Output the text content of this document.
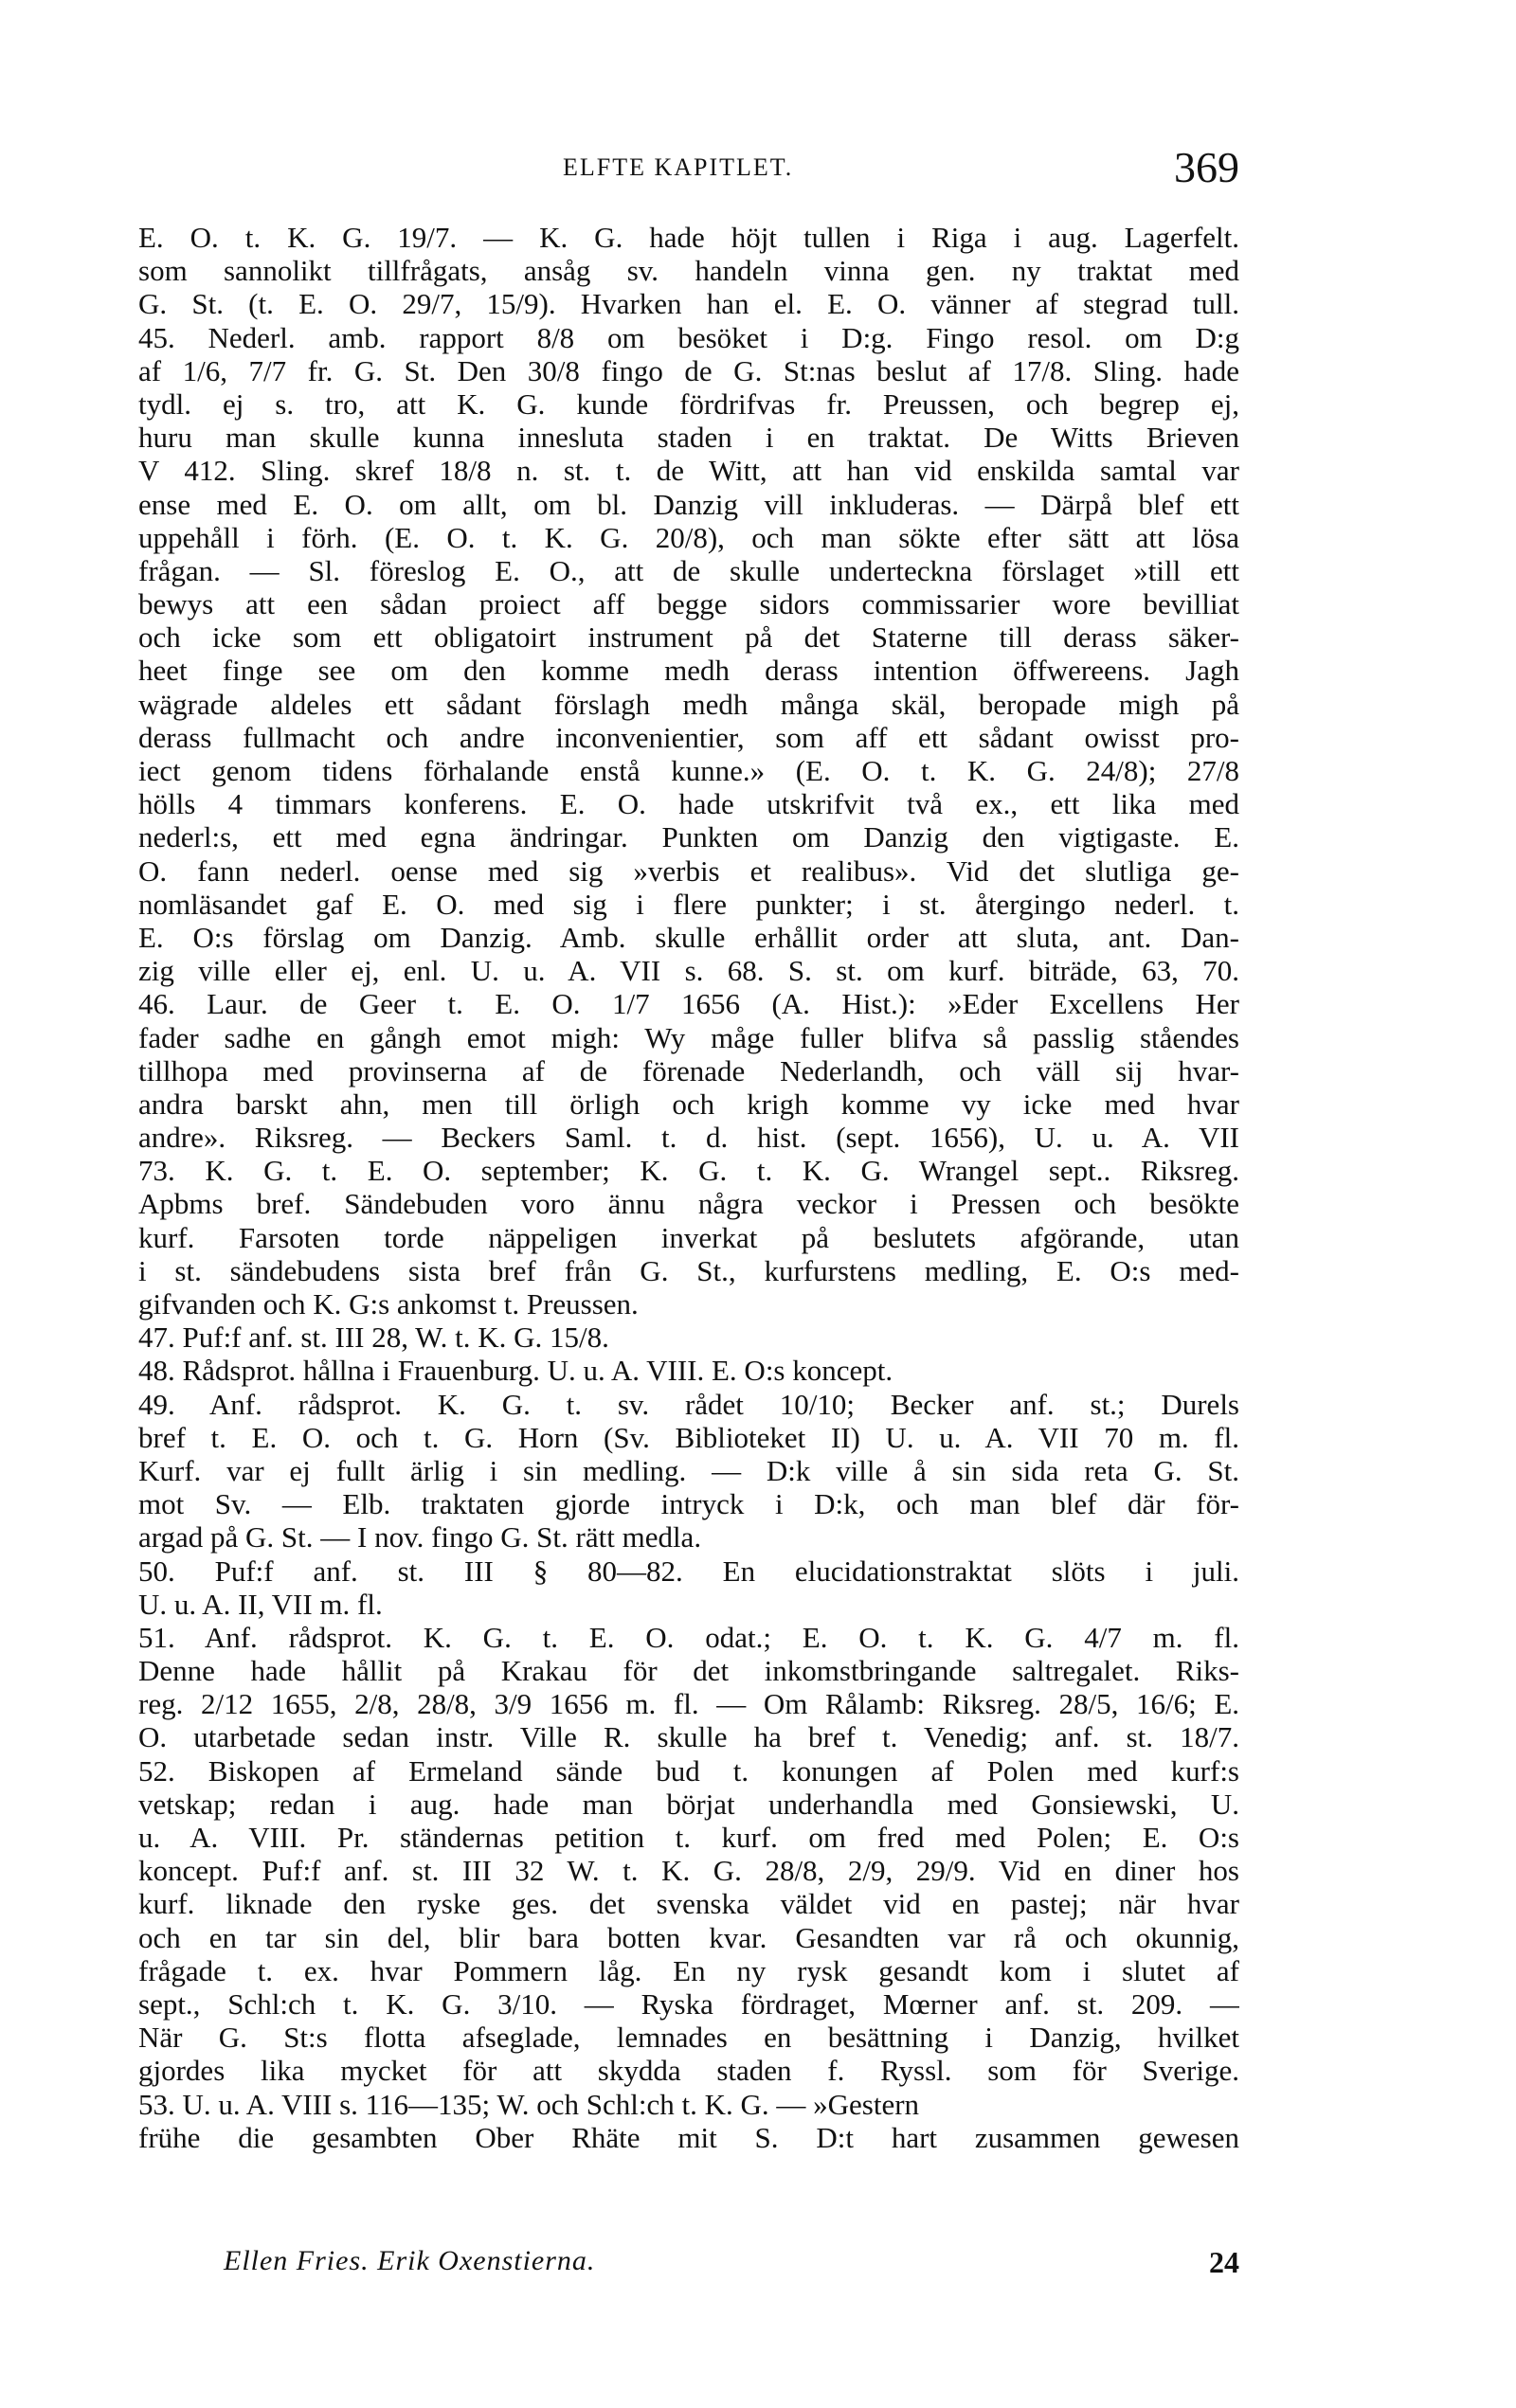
ELFTE KAPITLET.	369
E. O. t. K. G. 19/7. — K. G. hade höjt tullen i Riga i aug. Lagerfelt.
som sannolikt tillfrågats, ansåg sv. handeln vinna gen. ny traktat med
G. St. (t. E. O. 29/7, 15/9). Hvarken han el. E. O. vänner af stegrad tull.
45. Nederl. amb. rapport 8/8 om besöket i D:g. Fingo resol. om D:g
af 1/6, 7/7 fr. G. St. Den 30/8 fingo de G. St:nas beslut af 17/8. Sling. hade
tydl. ej s. tro, att K. G. kunde fördrifvas fr. Preussen, och begrep ej,
huru man skulle kunna innesluta staden i en traktat. De Witts Brieven
V 412. Sling. skref 18/8 n. st. t. de Witt, att han vid enskilda samtal var
ense med E. O. om allt, om bl. Danzig vill inkluderas. — Därpå blef ett
uppehåll i förh. (E. O. t. K. G. 20/8), och man sökte efter sätt att lösa
frågan. — Sl. föreslog E. O., att de skulle underteckna förslaget »till ett
bewys att een sådan proiect aff begge sidors commissarier wore bevilliat
och icke som ett obligatoirt instrument på det Staterne till derass säker-
heet finge see om den komme medh derass intention öffwereens. Jagh
wägrade aldeles ett sådant förslagh medh många skäl, beropade migh på
derass fullmacht och andre inconvenientier, som aff ett sådant owisst pro-
iect genom tidens förhalande enstå kunne.» (E. O. t. K. G. 24/8); 27/8
hölls 4 timmars konferens. E. O. hade utskrifvit två ex., ett lika med
nederl:s, ett med egna ändringar. Punkten om Danzig den vigtigaste. E.
O. fann nederl. oense med sig »verbis et realibus». Vid det slutliga ge-
nomläsandet gaf E. O. med sig i flere punkter; i st. återgingo nederl. t.
E. O:s förslag om Danzig. Amb. skulle erhållit order att sluta, ant. Dan-
zig ville eller ej, enl. U. u. A. VII s. 68. S. st. om kurf. biträde, 63, 70.
46. Laur. de Geer t. E. O. 1/7 1656 (A. Hist.): »Eder Excellens Her
fader sadhe en gångh emot migh: Wy måge fuller blifva så passlig ståendes
tillhopa med provinserna af de förenade Nederlandh, och väll sij hvar-
andra barskt ahn, men till örligh och krigh komme vy icke med hvar
andre». Riksreg. — Beckers Saml. t. d. hist. (sept. 1656), U. u. A. VII
73. K. G. t. E. O. september; K. G. t. K. G. Wrangel sept.. Riksreg.
Apbms bref. Sändebuden voro ännu några veckor i Pressen och besökte
kurf. Farsoten torde näppeligen inverkat på beslutets afgörande, utan
i st. sändebudens sista bref från G. St., kurfurstens medling, E. O:s med-
gifvanden och K. G:s ankomst t. Preussen.
47. Puf:f anf. st. III 28, W. t. K. G. 15/8.
48. Rådsprot. hållna i Frauenburg. U. u. A. VIII. E. O:s koncept.
49. Anf. rådsprot. K. G. t. sv. rådet 10/10; Becker anf. st.; Durels
bref t. E. O. och t. G. Horn (Sv. Biblioteket II) U. u. A. VII 70 m. fl.
Kurf. var ej fullt ärlig i sin medling. — D:k ville å sin sida reta G. St.
mot Sv. — Elb. traktaten gjorde intryck i D:k, och man blef där för-
argad på G. St. — I nov. fingo G. St. rätt medla.
50. Puf:f anf. st. III § 80—82. En elucidationstraktat slöts i juli.
U. u. A. II, VII m. fl.
51. Anf. rådsprot. K. G. t. E. O. odat.; E. O. t. K. G. 4/7 m. fl.
Denne hade hållit på Krakau för det inkomstbringande saltregalet. Riks-
reg. 2/12 1655, 2/8, 28/8, 3/9 1656 m. fl. — Om Rålamb: Riksreg. 28/5, 16/6; E.
O. utarbetade sedan instr. Ville R. skulle ha bref t. Venedig; anf. st. 18/7.
52. Biskopen af Ermeland sände bud t. konungen af Polen med kurf:s
vetskap; redan i aug. hade man börjat underhandla med Gonsiewski, U.
u. A. VIII. Pr. ständernas petition t. kurf. om fred med Polen; E. O:s
koncept. Puf:f anf. st. III 32 W. t. K. G. 28/8, 2/9, 29/9. Vid en diner hos
kurf. liknade den ryske ges. det svenska väldet vid en pastej; när hvar
och en tar sin del, blir bara botten kvar. Gesandten var rå och okunnig,
frågade t. ex. hvar Pommern låg. En ny rysk gesandt kom i slutet af
sept., Schl:ch t. K. G. 3/10. — Ryska fördraget, Mœrner anf. st. 209. —
När G. St:s flotta afseglade, lemnades en besättning i Danzig, hvilket
gjordes lika mycket för att skydda staden f. Ryssl. som för Sverige.
53. U. u. A. VIII s. 116—135; W. och Schl:ch t. K. G. — »Gestern
frühe die gesambten Ober Rhäte mit S. D:t hart zusammen gewesen
Ellen Fries. Erik Oxenstierna.	24
